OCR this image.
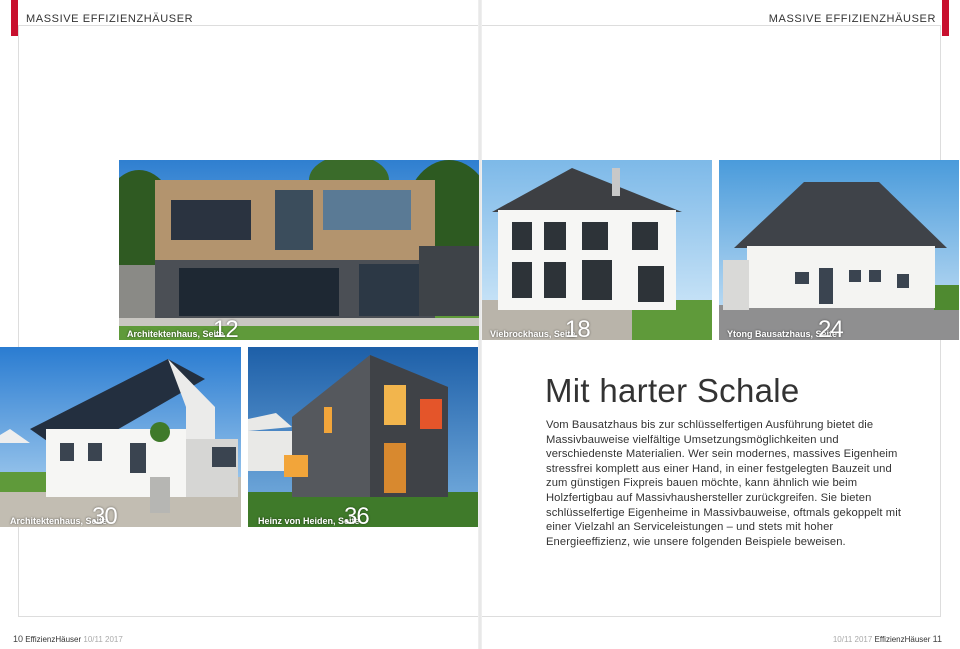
MASSIVE EFFIZIENZHÄUSER	MASSIVE EFFIZIENZHÄUSER
Architektenhaus, Seite
12	Viebrockhaus, Seite
18	Ytong Bausatzhaus, Seite
24
Architektenhaus, Seite
30	Heinz von Heiden, Seite
36
Mit harter Schale

Vom Bausatzhaus bis zur schlüsselfertigen Ausführung bietet die Massivbauweise vielfältige Umsetzungsmöglichkeiten und verschiedenste Materialien. Wer sein modernes, massives Eigenheim stressfrei komplett aus einer Hand, in einer festgelegten Bauzeit und zum günstigen Fixpreis bauen möchte, kann ähnlich wie beim Holzfertigbau auf Massivhaushersteller zurückgreifen. Sie bieten schlüsselfertige Eigenheime in Massivbauweise, oftmals gekoppelt mit einer Vielzahl an Serviceleistungen – und stets mit hoher Energieeffizienz, wie unsere folgenden Beispiele beweisen.

10 EffizienzHäuser 10/11 2017	10/11 2017 EffizienzHäuser 11
